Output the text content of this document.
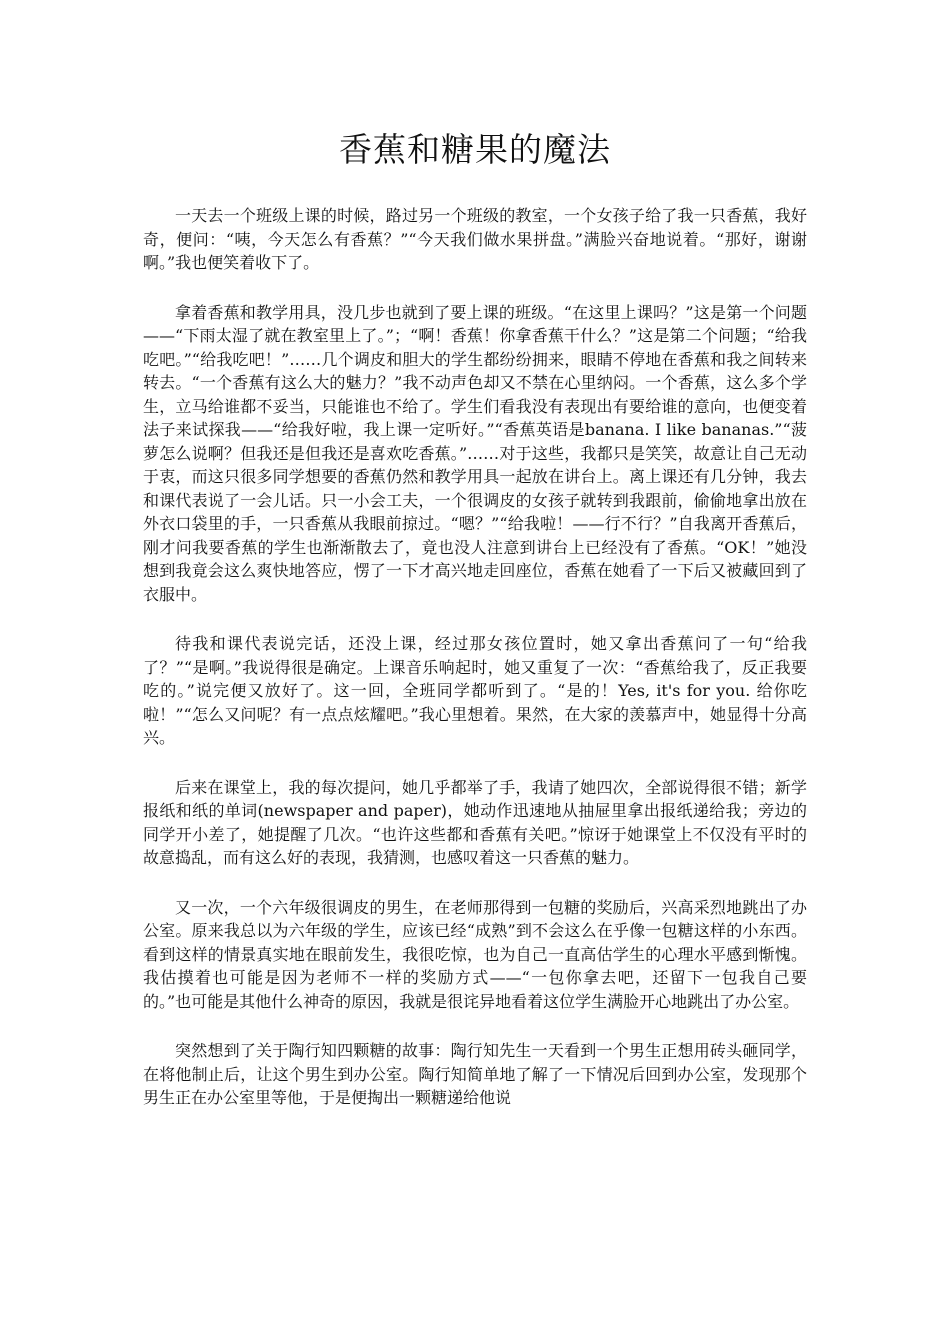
香蕉和糖果的魔法

一天去一个班级上课的时候，路过另一个班级的教室，一个女孩子给了我一只香蕉，我好奇，便问：“咦，今天怎么有香蕉？”“今天我们做水果拼盘。”满脸兴奋地说着。“那好，谢谢啊。”我也便笑着收下了。

拿着香蕉和教学用具，没几步也就到了要上课的班级。“在这里上课吗？”这是第一个问题——“下雨太湿了就在教室里上了。”；“啊！香蕉！你拿香蕉干什么？”这是第二个问题；“给我吃吧。”“给我吃吧！”……几个调皮和胆大的学生都纷纷拥来，眼睛不停地在香蕉和我之间转来转去。“一个香蕉有这么大的魅力？”我不动声色却又不禁在心里纳闷。一个香蕉，这么多个学生，立马给谁都不妥当，只能谁也不给了。学生们看我没有表现出有要给谁的意向，也便变着法子来试探我——“给我好啦，我上课一定听好。”“香蕉英语是banana. I like bananas.”“菠萝怎么说啊？但我还是但我还是喜欢吃香蕉。”……对于这些，我都只是笑笑，故意让自己无动于衷，而这只很多同学想要的香蕉仍然和教学用具一起放在讲台上。离上课还有几分钟，我去和课代表说了一会儿话。只一小会工夫，一个很调皮的女孩子就转到我跟前，偷偷地拿出放在外衣口袋里的手，一只香蕉从我眼前掠过。“嗯？”“给我啦！——行不行？”自我离开香蕉后，刚才问我要香蕉的学生也渐渐散去了，竟也没人注意到讲台上已经没有了香蕉。“OK！”她没想到我竟会这么爽快地答应，愣了一下才高兴地走回座位，香蕉在她看了一下后又被藏回到了衣服中。

待我和课代表说完话，还没上课，经过那女孩位置时，她又拿出香蕉问了一句“给我了？”“是啊。”我说得很是确定。上课音乐响起时，她又重复了一次：“香蕉给我了，反正我要吃的。”说完便又放好了。这一回，全班同学都听到了。“是的！Yes, it's for you. 给你吃啦！”“怎么又问呢？有一点点炫耀吧。”我心里想着。果然，在大家的羡慕声中，她显得十分高兴。

后来在课堂上，我的每次提问，她几乎都举了手，我请了她四次，全部说得很不错；新学报纸和纸的单词(newspaper and paper)，她动作迅速地从抽屉里拿出报纸递给我；旁边的同学开小差了，她提醒了几次。“也许这些都和香蕉有关吧。”惊讶于她课堂上不仅没有平时的故意捣乱，而有这么好的表现，我猜测，也感叹着这一只香蕉的魅力。

又一次，一个六年级很调皮的男生，在老师那得到一包糖的奖励后，兴高采烈地跳出了办公室。原来我总以为六年级的学生，应该已经“成熟”到不会这么在乎像一包糖这样的小东西。看到这样的情景真实地在眼前发生，我很吃惊，也为自己一直高估学生的心理水平感到惭愧。我估摸着也可能是因为老师不一样的奖励方式——“一包你拿去吧，还留下一包我自己要的。”也可能是其他什么神奇的原因，我就是很诧异地看着这位学生满脸开心地跳出了办公室。

突然想到了关于陶行知四颗糖的故事：陶行知先生一天看到一个男生正想用砖头砸同学，在将他制止后，让这个男生到办公室。陶行知简单地了解了一下情况后回到办公室，发现那个男生正在办公室里等他，于是便掏出一颗糖递给他说
